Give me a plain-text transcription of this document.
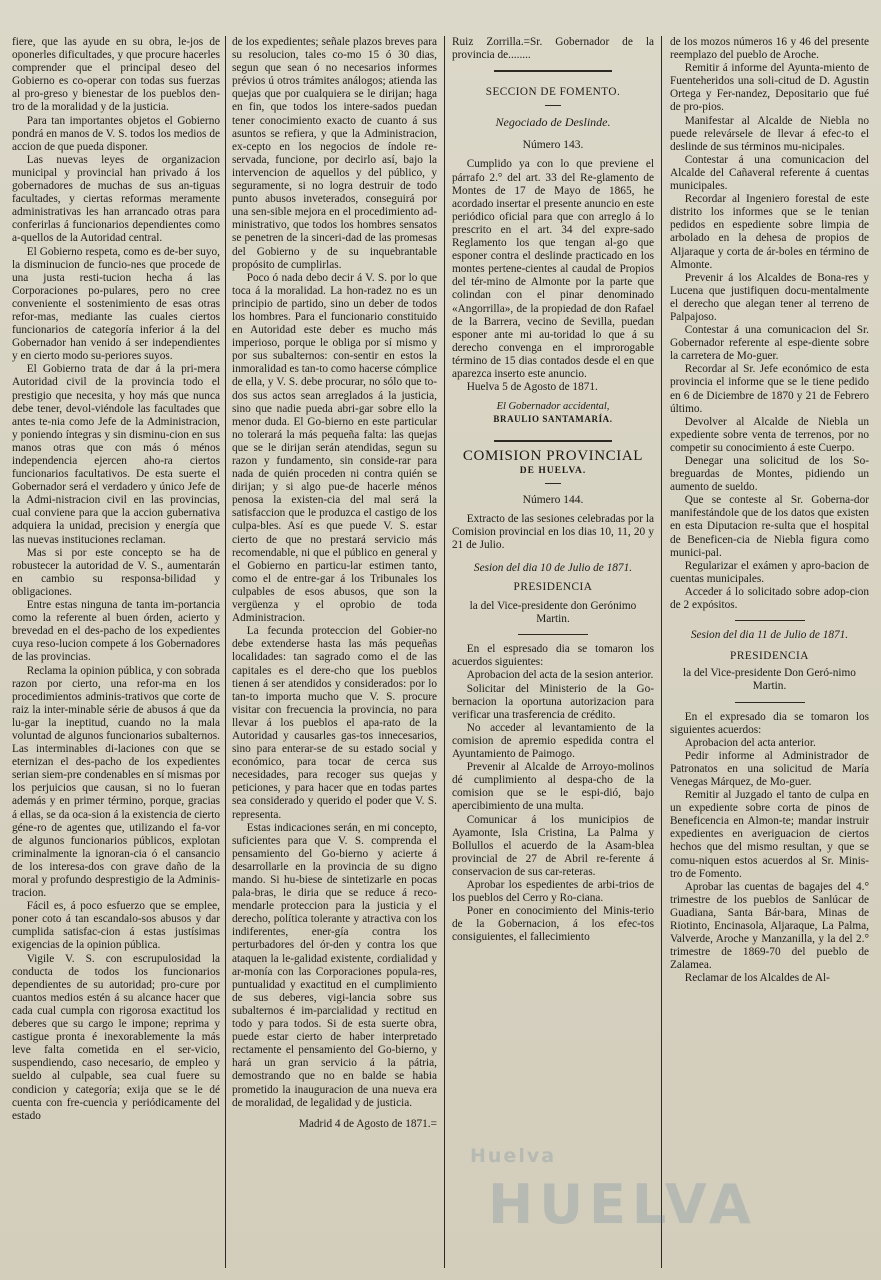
fiere, que las ayude en su obra, le-jos de oponerles dificultades, y que procure hacerles comprender que el principal deseo del Gobierno es co-operar con todas sus fuerzas al pro-greso y bienestar de los pueblos den-tro de la moralidad y de la justicia.

Para tan importantes objetos el Gobierno pondrá en manos de V. S. todos los medios de accion de que pueda disponer.

Las nuevas leyes de organizacion municipal y provincial han privado á los gobernadores de muchas de sus an-tiguas facultades, y ciertas reformas meramente administrativas les han arrancado otras para conferirlas á funcionarios dependientes como a-quellos de la Autoridad central.

El Gobierno respeta, como es de-ber suyo, la disminucion de funcio-nes que procede de una justa resti-tucion hecha á las Corporaciones po-pulares, pero no cree conveniente el sostenimiento de esas otras refor-mas, mediante las cuales ciertos funcionarios de categoría inferior á la del Gobernador han venido á ser independientes y en cierto modo su-periores suyos.

El Gobierno trata de dar á la pri-mera Autoridad civil de la provincia todo el prestigio que necesita, y hoy más que nunca debe tener, devol-viéndole las facultades que antes te-nia como Jefe de la Administracion, y poniendo íntegras y sin disminu-cion en sus manos otras que con más ó ménos independencia ejercen aho-ra ciertos funcionarios facultativos. De esta suerte el Gobernador será el verdadero y único Jefe de la Admi-nistracion civil en las provincias, cual conviene para que la accion gubernativa adquiera la unidad, precision y energía que las nuevas instituciones reclaman.

Mas si por este concepto se ha de robustecer la autoridad de V. S., aumentarán en cambio su responsa-bilidad y obligaciones.

Entre estas ninguna de tanta im-portancia como la referente al buen órden, acierto y brevedad en el des-pacho de los expedientes cuya reso-lucion compete á los Gobernadores de las provincias.

Reclama la opinion pública, y con sobrada razon por cierto, una refor-ma en los procedimientos adminis-trativos que corte de raiz la inter-minable série de abusos á que da lu-gar la ineptitud, cuando no la mala voluntad de algunos funcionarios subalternos. Las interminables di-laciones con que se eternizan el des-pacho de los expedientes serian siem-pre condenables en sí mismas por los perjuicios que causan, si no lo fueran además y en primer término, porque, gracias á ellas, se da oca-sion á la existencia de cierto géne-ro de agentes que, utilizando el fa-vor de algunos funcionarios públicos, explotan criminalmente la ignoran-cia ó el cansancio de los interesa-dos con grave daño de la moral y profundo desprestigio de la Adminis-tracion.

Fácil es, á poco esfuerzo que se emplee, poner coto á tan escandalo-sos abusos y dar cumplida satisfac-cion á estas justísimas exigencias de la opinion pública.

Vigile V. S. con escrupulosidad la conducta de todos los funcionarios dependientes de su autoridad; pro-cure por cuantos medios estén á su alcance hacer que cada cual cumpla con rigorosa exactitud los deberes que su cargo le impone; reprima y castigue pronta é inexorablemente la más leve falta cometida en el ser-vicio, suspendiendo, caso necesario, de empleo y sueldo al culpable, sea cual fuere su condicion y categoría; exija que se le dé cuenta con fre-cuencia y periódicamente del estado

de los expedientes; señale plazos breves para su resolucion, tales co-mo 15 ó 30 dias, segun que sean ó no necesarios informes prévios ú otros trámites análogos; atienda las quejas que por cualquiera se le dirijan; haga en fin, que todos los intere-sados puedan tener conocimiento exacto de cuanto á sus asuntos se refiera, y que la Administracion, ex-cepto en los negocios de índole re-servada, funcione, por decirlo así, bajo la intervencion de aquellos y del público, y seguramente, si no logra destruir de todo punto abusos inveterados, conseguirá por una sen-sible mejora en el procedimiento ad-ministrativo, que todos los hombres sensatos se penetren de la sinceri-dad de las promesas del Gobierno y de su inquebrantable propósito de cumplirlas.

Poco ó nada debo decir á V. S. por lo que toca á la moralidad. La hon-radez no es un principio de partido, sino un deber de todos los hombres. Para el funcionario constituido en Autoridad este deber es mucho más imperioso, porque le obliga por sí mismo y por sus subalternos: con-sentir en estos la inmoralidad es tan-to como hacerse cómplice de ella, y V. S. debe procurar, no sólo que to-dos sus actos sean arreglados á la justicia, sino que nadie pueda abri-gar sobre ello la menor duda. El Go-bierno en este particular no tolerará la más pequeña falta: las quejas que se le dirijan serán atendidas, segun su razon y fundamento, sin conside-rar para nada de quién proceden ni contra quién se dirijan; y si algo pue-de hacerle ménos penosa la existen-cia del mal será la satisfaccion que le produzca el castigo de los culpa-bles. Así es que puede V. S. estar cierto de que no prestará servicio más recomendable, ni que el público en general y el Gobierno en particu-lar estimen tanto, como el de entre-gar á los Tribunales los culpables de esos abusos, que son la vergüenza y el oprobio de toda Administracion.

La fecunda proteccion del Gobier-no debe extenderse hasta las más pequeñas localidades: tan sagrado como el de las capitales es el dere-cho que los pueblos tienen á ser atendidos y considerados: por lo tan-to importa mucho que V. S. procure visitar con frecuencia la provincia, no para llevar á los pueblos el apa-rato de la Autoridad y causarles gas-tos innecesarios, sino para enterar-se de su estado social y económico, para tocar de cerca sus necesidades, para recoger sus quejas y peticiones, y para hacer que en todas partes sea considerado y querido el poder que V. S. representa.

Estas indicaciones serán, en mi concepto, suficientes para que V. S. comprenda el pensamiento del Go-bierno y acierte á desarrollarle en la provincia de su digno mando. Si hu-biese de sintetizarle en pocas pala-bras, le diria que se reduce á reco-mendarle proteccion para la justicia y el derecho, política tolerante y atractiva con los indiferentes, ener-gía contra los perturbadores del ór-den y contra los que ataquen la le-galidad existente, cordialidad y ar-monía con las Corporaciones popula-res, puntualidad y exactitud en el cumplimiento de sus deberes, vigi-lancia sobre sus subalternos é im-parcialidad y rectitud en todo y para todos. Si de esta suerte obra, puede estar cierto de haber interpretado rectamente el pensamiento del Go-bierno, y hará un gran servicio á la pátria, demostrando que no en balde se habia prometido la inauguracion de una nueva era de moralidad, de legalidad y de justicia.

Madrid 4 de Agosto de 1871.=

Ruiz Zorrilla.=Sr. Gobernador de la provincia de........

SECCION DE FOMENTO.
Negociado de Deslinde.
Número 143.

Cumplido ya con lo que previene el párrafo 2.° del art. 33 del Re-glamento de Montes de 17 de Mayo de 1865, he acordado insertar el presente anuncio en este periódico oficial para que con arreglo á lo prescrito en el art. 34 del expre-sado Reglamento los que tengan al-go que esponer contra el deslinde practicado en los montes pertene-cientes al caudal de Propios del tér-mino de Almonte por la parte que colindan con el pinar denominado «Angorrilla», de la propiedad de don Rafael de la Barrera, vecino de Sevilla, puedan esponer ante mi au-toridad lo que á su derecho convenga en el improrogable término de 15 dias contados desde el en que aparezca inserto este anuncio.

Huelva 5 de Agosto de 1871.

El Gobernador accidental,
BRAULIO SANTAMARÍA.
COMISION PROVINCIAL
DE HUELVA.
Número 144.

Extracto de las sesiones celebradas por la Comision provincial en los dias 10, 11, 20 y 21 de Julio.

Sesion del dia 10 de Julio de 1871.

PRESIDENCIA

la del Vice-presidente don Gerónimo Martin.

En el espresado dia se tomaron los acuerdos siguientes:

Aprobacion del acta de la sesion anterior.

Solicitar del Ministerio de la Go-bernacion la oportuna autorizacion para verificar una trasferencia de crédito.

No acceder al levantamiento de la comision de apremio espedida contra el Ayuntamiento de Paimogo.

Prevenir al Alcalde de Arroyo-molinos dé cumplimiento al despa-cho de la comision que se le espi-dió, bajo apercibimiento de una multa.

Comunicar á los municipios de Ayamonte, Isla Cristina, La Palma y Bollullos el acuerdo de la Asam-blea provincial de 27 de Abril re-ferente á conservacion de sus car-reteras.

Aprobar los espedientes de arbi-trios de los pueblos del Cerro y Ro-ciana.

Poner en conocimiento del Minis-terio de la Gobernacion, á los efec-tos consiguientes, el fallecimiento

de los mozos números 16 y 46 del presente reemplazo del pueblo de Aroche.

Remitir á informe del Ayunta-miento de Fuenteheridos una soli-citud de D. Agustin Ortega y Fer-nandez, Depositario que fué de pro-pios.

Manifestar al Alcalde de Niebla no puede relevársele de llevar á efec-to el deslinde de sus términos mu-nicipales.

Contestar á una comunicacion del Alcalde del Cañaveral referente á cuentas municipales.

Recordar al Ingeniero forestal de este distrito los informes que se le tenian pedidos en espediente sobre limpia de arbolado en la dehesa de propios de Aljaraque y corta de ár-boles en término de Almonte.

Prevenir á los Alcaldes de Bona-res y Lucena que justifiquen docu-mentalmente el derecho que alegan tener al terreno de Palpajoso.

Contestar á una comunicacion del Sr. Gobernador referente al espe-diente sobre la carretera de Mo-guer.

Recordar al Sr. Jefe económico de esta provincia el informe que se le tiene pedido en 6 de Diciembre de 1870 y 21 de Febrero último.

Devolver al Alcalde de Niebla un expediente sobre venta de terrenos, por no competir su conocimiento á este Cuerpo.

Denegar una solicitud de los So-breguardas de Montes, pidiendo un aumento de sueldo.

Que se conteste al Sr. Goberna-dor manifestándole que de los datos que existen en esta Diputacion re-sulta que el hospital de Beneficen-cia de Niebla figura como munici-pal.

Regularizar el exámen y apro-bacion de cuentas municipales.

Acceder á lo solicitado sobre adop-cion de 2 expósitos.

Sesion del dia 11 de Julio de 1871.

PRESIDENCIA

la del Vice-presidente Don Geró-nimo Martin.

En el expresado dia se tomaron los siguientes acuerdos:

Aprobacion del acta anterior.

Pedir informe al Administrador de Patronatos en una solicitud de María Venegas Márquez, de Mo-guer.

Remitir al Juzgado el tanto de culpa en un expediente sobre corta de pinos de Beneficencia en Almon-te; mandar instruir expedientes en averiguacion de ciertos hechos que del mismo resultan, y que se comu-niquen estos acuerdos al Sr. Minis-tro de Fomento.

Aprobar las cuentas de bagajes del 4.° trimestre de los pueblos de Sanlúcar de Guadiana, Santa Bár-bara, Minas de Riotinto, Encinasola, Aljaraque, La Palma, Valverde, Aroche y Manzanilla, y la del 2.° trimestre de 1869-70 del pueblo de Zalamea.

Reclamar de los Alcaldes de Al-

Huelva
HUELVA
